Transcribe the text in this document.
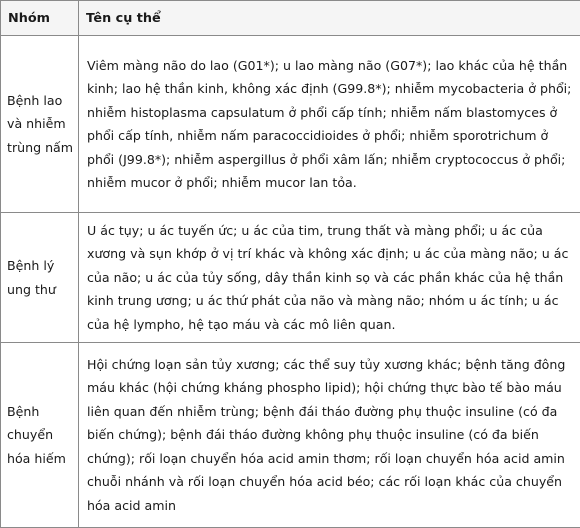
Nhóm	Tên cụ thể
Bệnh lao và nhiễm trùng nấm	Viêm màng não do lao (G01*); u lao màng não (G07*); lao khác của hệ thần kinh; lao hệ thần kinh, không xác định (G99.8*); nhiễm mycobacteria ở phổi; nhiễm histoplasma capsulatum ở phổi cấp tính; nhiễm nấm blastomyces ở phổi cấp tính, nhiễm nấm paracoccidioides ở phổi; nhiễm sporotrichum ở phổi (J99.8*); nhiễm aspergillus ở phổi xâm lấn; nhiễm cryptococcus ở phổi; nhiễm mucor ở phổi; nhiễm mucor lan tỏa.
Bệnh lý ung thư	U ác tụy; u ác tuyến ức; u ác của tim, trung thất và màng phổi; u ác của xương và sụn khớp ở vị trí khác và không xác định; u ác của màng não; u ác của não; u ác của tủy sống, dây thần kinh sọ và các phần khác của hệ thần kinh trung ương; u ác thứ phát của não và màng não; nhóm u ác tính; u ác của hệ lympho, hệ tạo máu và các mô liên quan.
Bệnh chuyển hóa hiếm	Hội chứng loạn sản tủy xương; các thể suy tủy xương khác; bệnh tăng đông máu khác (hội chứng kháng phospho lipid); hội chứng thực bào tế bào máu liên quan đến nhiễm trùng; bệnh đái tháo đường phụ thuộc insuline (có đa biến chứng); bệnh đái tháo đường không phụ thuộc insuline (có đa biến chứng); rối loạn chuyển hóa acid amin thơm; rối loạn chuyển hóa acid amin chuỗi nhánh và rối loạn chuyển hóa acid béo; các rối loạn khác của chuyển hóa acid amin
